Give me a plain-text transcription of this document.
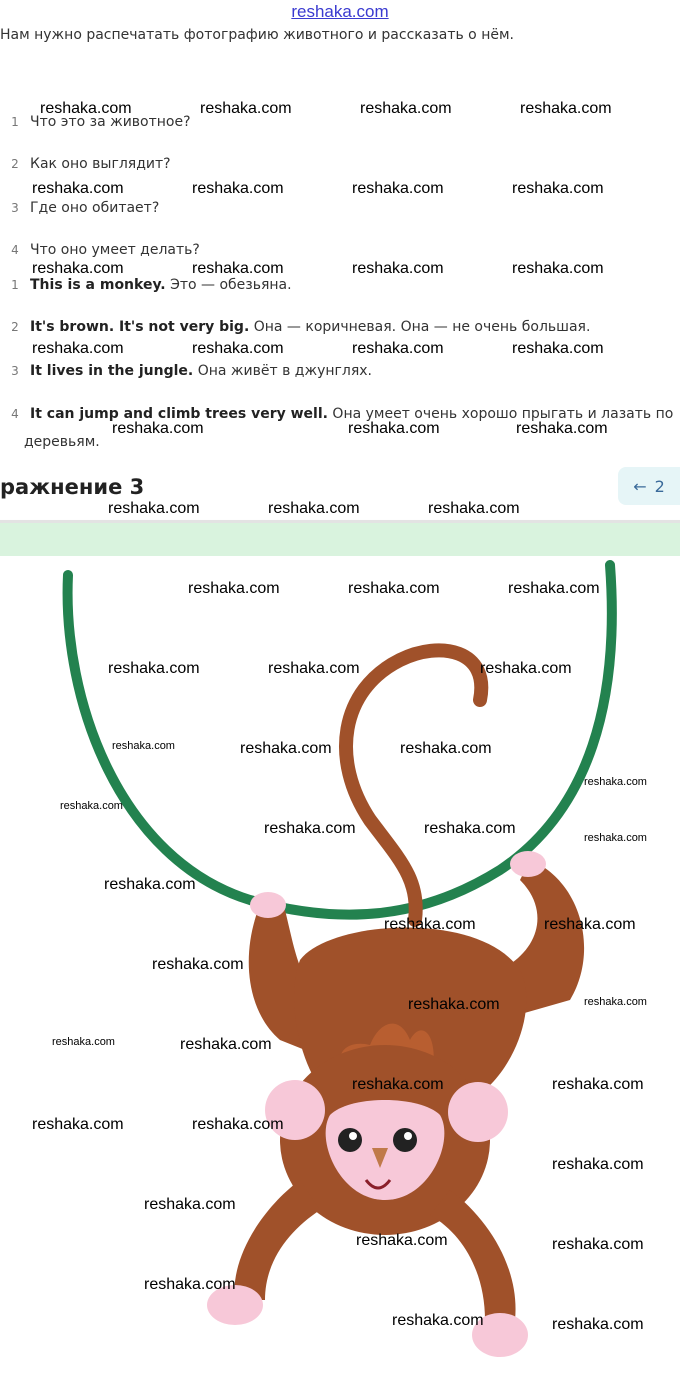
reshaka.com
Нам нужно распечатать фотографию животного и рассказать о нём.
1 Что это за животное?
2 Как оно выглядит?
3 Где оно обитает?
4 Что оно умеет делать?
1 This is a monkey. Это — обезьяна.
2 It's brown. It's not very big. Она — коричневая. Она — не очень большая.
3 It lives in the jungle. Она живёт в джунглях.
4 It can jump and climb trees very well. Она умеет очень хорошо прыгать и лазать по
деревьям.
ражнение 3	← 2
reshaka.com	reshaka.com	reshaka.com	reshaka.com
reshaka.com	reshaka.com	reshaka.com	reshaka.com
reshaka.com	reshaka.com	reshaka.com	reshaka.com
reshaka.com	reshaka.com	reshaka.com	reshaka.com
reshaka.com	reshaka.com	reshaka.com
reshaka.com	reshaka.com	reshaka.com
reshaka.com	reshaka.com	reshaka.com
reshaka.com	reshaka.com	reshaka.com
reshaka.com	reshaka.com	reshaka.com
reshaka.com
reshaka.com
reshaka.com	reshaka.com
reshaka.com
reshaka.com
reshaka.com	reshaka.com
reshaka.com
reshaka.com	reshaka.com
reshaka.com	reshaka.com
reshaka.com	reshaka.com
reshaka.com	reshaka.com
reshaka.com
reshaka.com
reshaka.com	reshaka.com
reshaka.com
reshaka.com	reshaka.com
